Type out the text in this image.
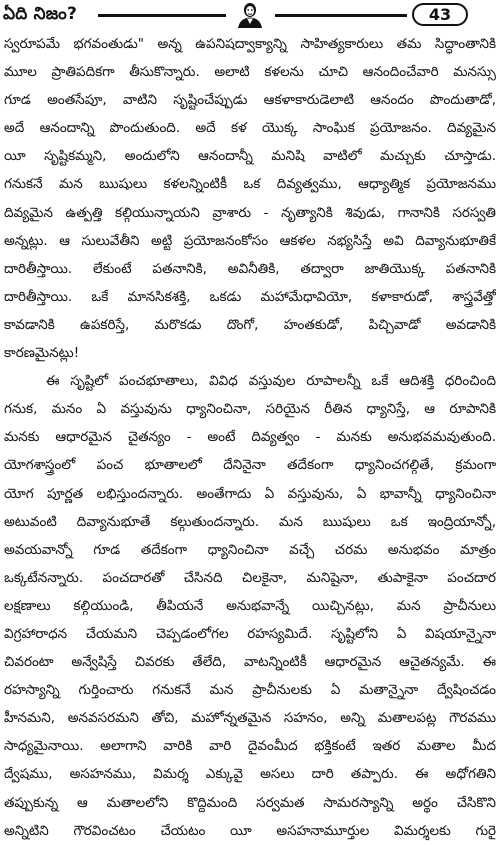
ఏది నిజం?	43

స్వరూపమే భగవంతుడు" అన్న ఉపనిషద్వాక్యాన్ని సాహిత్యకారులు తమ సిద్ధాంతానికి
మూల ప్రాతిపదికగా తీసుకొన్నారు. అలాటి కళలను చూచి ఆనందించేవారి మనస్సు
గూడ అంతసేపూ, వాటిని సృష్టించేప్పుడు ఆకళాకారుడెలాటి ఆనందం పొందుతాడో,
అదే ఆనందాన్ని పొందుతుంది. అదే కళ యొక్క సాంఘిక ప్రయోజనం. దివ్యమైన
యీ సృష్టికమ్మని, అందులోని ఆనందాన్నీ మనిషి వాటిలో మచ్చుకు చూస్తాడు.
గనుకనే మన ఋషులు కళలన్నింటికీ ఒక దివ్యత్వము, ఆధ్యాత్మిక ప్రయోజనము
దివ్యమైన ఉత్పత్తి కల్గియున్నాయని వ్రాశారు - నృత్యానికి శివుడు, గానానికి సరస్వతి
అన్నట్లు. ఆ సులువేతీని అట్టి ప్రయోజనంకోసం ఆకళల నభ్యసిస్తే అవి దివ్యానుభూతికే
దారితీస్తాయి. లేకుంటే పతనానికి, అవినీతికి, తద్వారా జాతియొక్క పతనానికి
దారితీస్తాయి. ఒకే మానసికశక్తి, ఒకడు మహామేధావియో, కళాకారుడో, శాస్త్రవేత్తో
కావడానికి ఉపకరిస్తే, మరొకడు దొంగో, హంతకుడో, పిచ్చివాడో అవడానికి
కారణమైనట్లు!

ఈ సృష్టిలో పంచభూతాలు, వివిధ వస్తువుల రూపాలన్నీ ఒకే ఆదిశక్తి ధరించింది
గనుక, మనం ఏ వస్తువును ధ్యానించినా, సరియైన రీతిన ధ్యానిస్తే, ఆ రూపానికి
మనకు ఆధారమైన చైతన్యం - అంటే దివ్యత్వం - మనకు అనుభవమవుతుంది.
యోగశాస్త్రంలో పంచ భూతాలలో దేనినైనా తదేకంగా ధ్యానించగల్గితే, క్రమంగా
యోగ పూర్ణత లభిస్తుందన్నారు. అంతేగాదు ఏ వస్తువును, ఏ భావాన్నీ ధ్యానించినా
అటువంటి దివ్యానుభూతే కల్గుతుందన్నారు. మన ఋషులు ఒక ఇంద్రియాన్నో,
అవయవాన్నో గూడ తదేకంగా ధ్యానించినా వచ్చే చరమ అనుభవం మాత్రం
ఒక్కటేనన్నారు. పంచదారతో చేసినది చిలకైనా, మనిషైనా, తుపాకైనా పంచదార
లక్షణాలు కల్గియుండి, తీపియనే అనుభవాన్నే యిచ్చినట్లు, మన ప్రాచీనులు
విగ్రహారాధన చేయమని చెప్పడంలోగల రహస్యమిదే. సృష్టిలోని ఏ విషయాన్నైనా
చివరంటా అన్వేషిస్తే చివరకు తేలేది, వాటన్నింటికీ ఆధారమైన ఆచైతన్యమే. ఈ
రహస్యాన్ని గుర్తించారు గనుకనే మన ప్రాచీనులకు ఏ మతాన్నైనా ద్వేషించడం
హీనమని, అనవసరమని తోచి, మహోన్నతమైన సహనం, అన్ని మతాలపట్ల గౌరవము
సాధ్యమైనాయి. అలాగాని వారికి వారి దైవంమీద భక్తికంటే ఇతర మతాల మీద
ద్వేషము, అసహనము, విమర్శ ఎక్కువై అసలు దారి తప్పారు. ఈ అధోగతిని
తప్పుకున్న ఆ మతాలలోని కొద్దిమంది సర్వమత సామరస్యాన్ని అర్థం చేసికొని
అన్నిటిని గౌరవించటం చేయటం యీ అసహనామూర్తుల విమర్శలకు గురై
